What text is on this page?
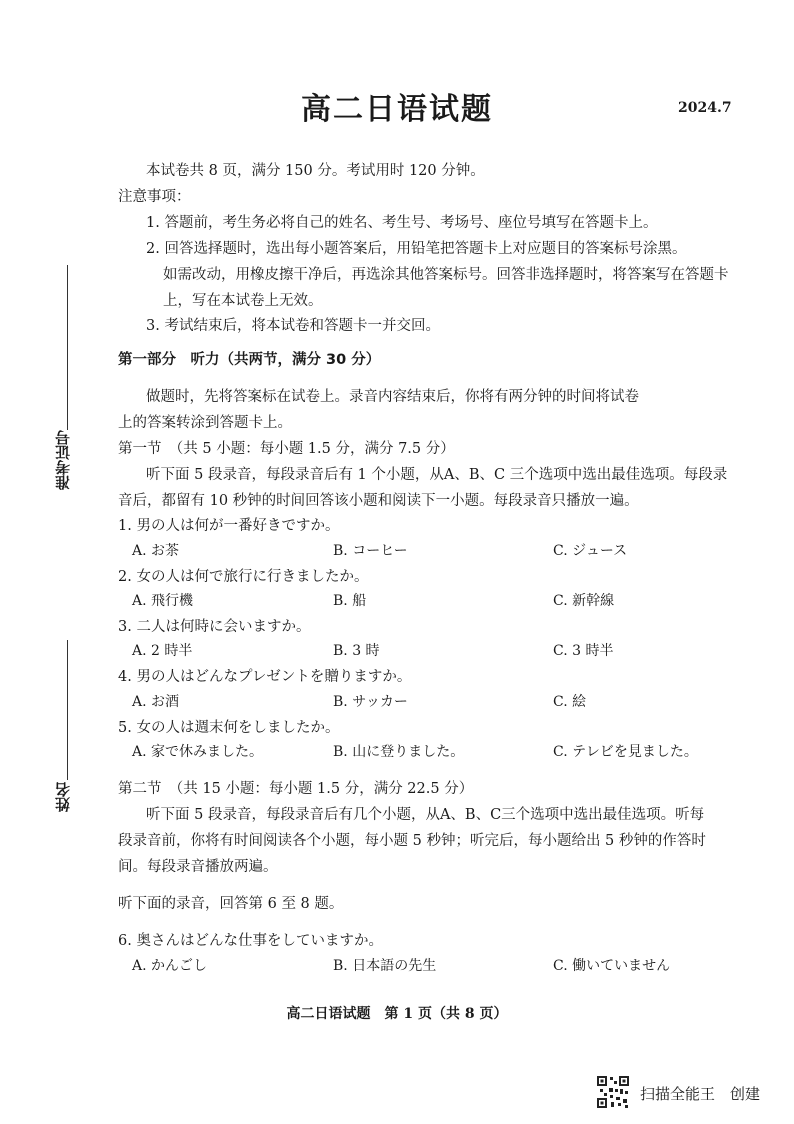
高二日语试题	2024.7
本试卷共 8 页，满分 150 分。考试用时 120 分钟。
注意事项：
1. 答题前，考生务必将自己的姓名、考生号、考场号、座位号填写在答题卡上。
2. 回答选择题时，选出每小题答案后，用铅笔把答题卡上对应题目的答案标号涂黑。
如需改动，用橡皮擦干净后，再选涂其他答案标号。回答非选择题时，将答案写在答题卡
上，写在本试卷上无效。
3. 考试结束后，将本试卷和答题卡一并交回。
准考证号
姓名
第一部分　听力（共两节，满分 30 分）
做题时，先将答案标在试卷上。录音内容结束后，你将有两分钟的时间将试卷
上的答案转涂到答题卡上。
第一节　（共 5 小题：每小题 1.5 分，满分 7.5 分）
听下面 5 段录音，每段录音后有 1 个小题，从A、B、C 三个选项中选出最佳选项。每段录
音后，都留有 10 秒钟的时间回答该小题和阅读下一小题。每段录音只播放一遍。
1. 男の人は何が一番好きですか。
A. お茶	B. コーヒー	C. ジュース
2. 女の人は何で旅行に行きましたか。
A. 飛行機	B. 船	C. 新幹線
3. 二人は何時に会いますか。
A. 2 時半	B. 3 時	C. 3 時半
4. 男の人はどんなプレゼントを贈りますか。
A. お酒	B. サッカー	C. 絵
5. 女の人は週末何をしましたか。
A. 家で休みました。	B. 山に登りました。	C. テレビを見ました。
第二节　（共 15 小题：每小题 1.5 分，满分 22.5 分）
听下面 5 段录音，每段录音后有几个小题，从A、B、C三个选项中选出最佳选项。听每
段录音前，你将有时间阅读各个小题，每小题 5 秒钟；听完后，每小题给出 5 秒钟的作答时
间。每段录音播放两遍。
听下面的录音，回答第 6 至 8 题。
6. 奥さんはどんな仕事をしていますか。
A. かんごし	B. 日本語の先生	C. 働いていません
高二日语试题　第 1 页（共 8 页）
扫描全能王　创建
